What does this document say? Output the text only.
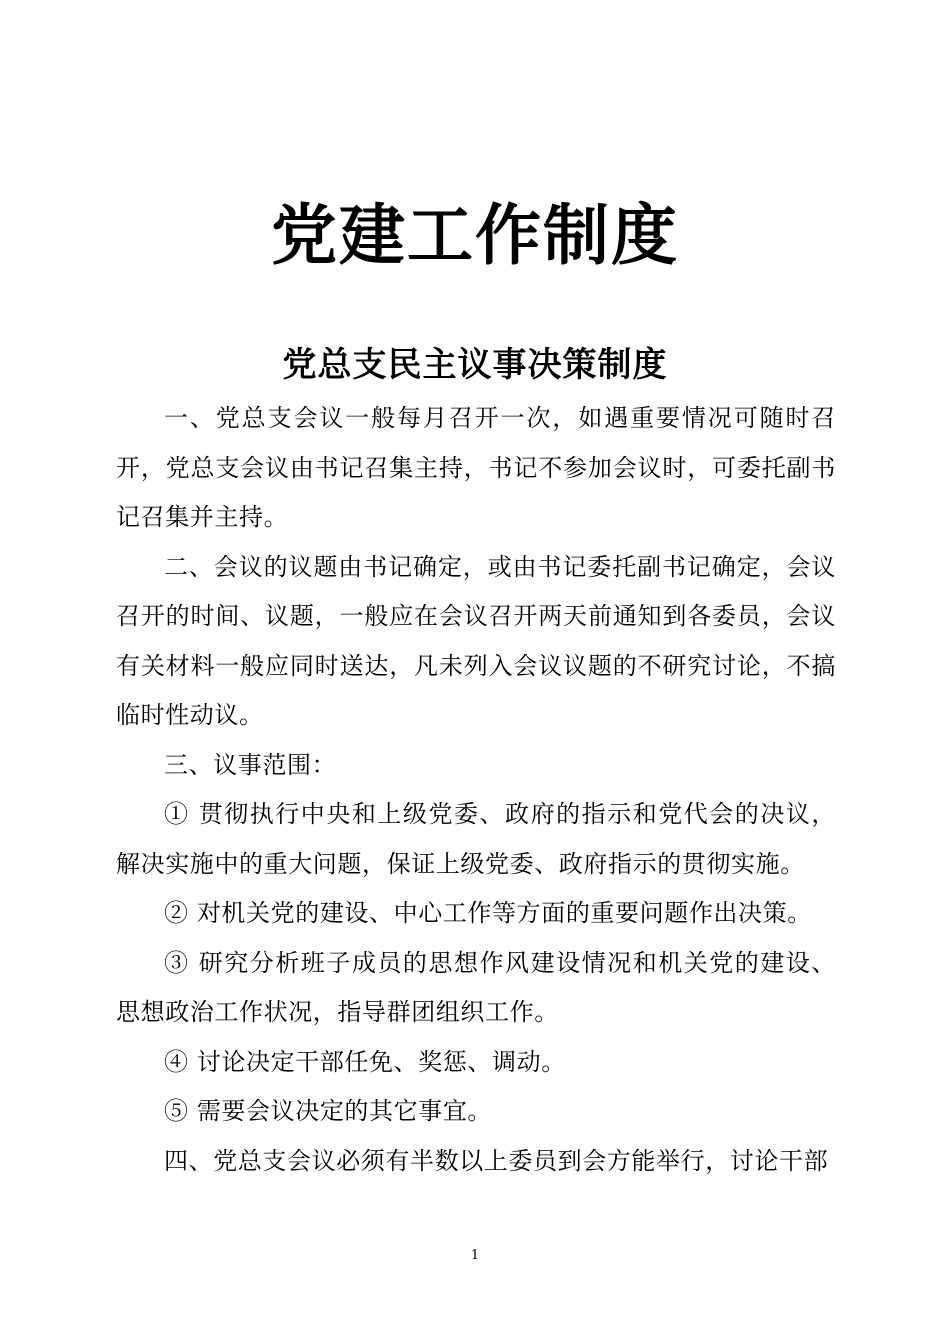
党建工作制度
党总支民主议事决策制度

一、党总支会议一般每月召开一次，如遇重要情况可随时召开，党总支会议由书记召集主持，书记不参加会议时，可委托副书记召集并主持。

二、会议的议题由书记确定，或由书记委托副书记确定，会议召开的时间、议题，一般应在会议召开两天前通知到各委员，会议有关材料一般应同时送达，凡未列入会议议题的不研究讨论，不搞临时性动议。

三、议事范围：

① 贯彻执行中央和上级党委、政府的指示和党代会的决议，解决实施中的重大问题，保证上级党委、政府指示的贯彻实施。

② 对机关党的建设、中心工作等方面的重要问题作出决策。

③ 研究分析班子成员的思想作风建设情况和机关党的建设、思想政治工作状况，指导群团组织工作。

④ 讨论决定干部任免、奖惩、调动。

⑤ 需要会议决定的其它事宜。

四、党总支会议必须有半数以上委员到会方能举行，讨论干部

1
